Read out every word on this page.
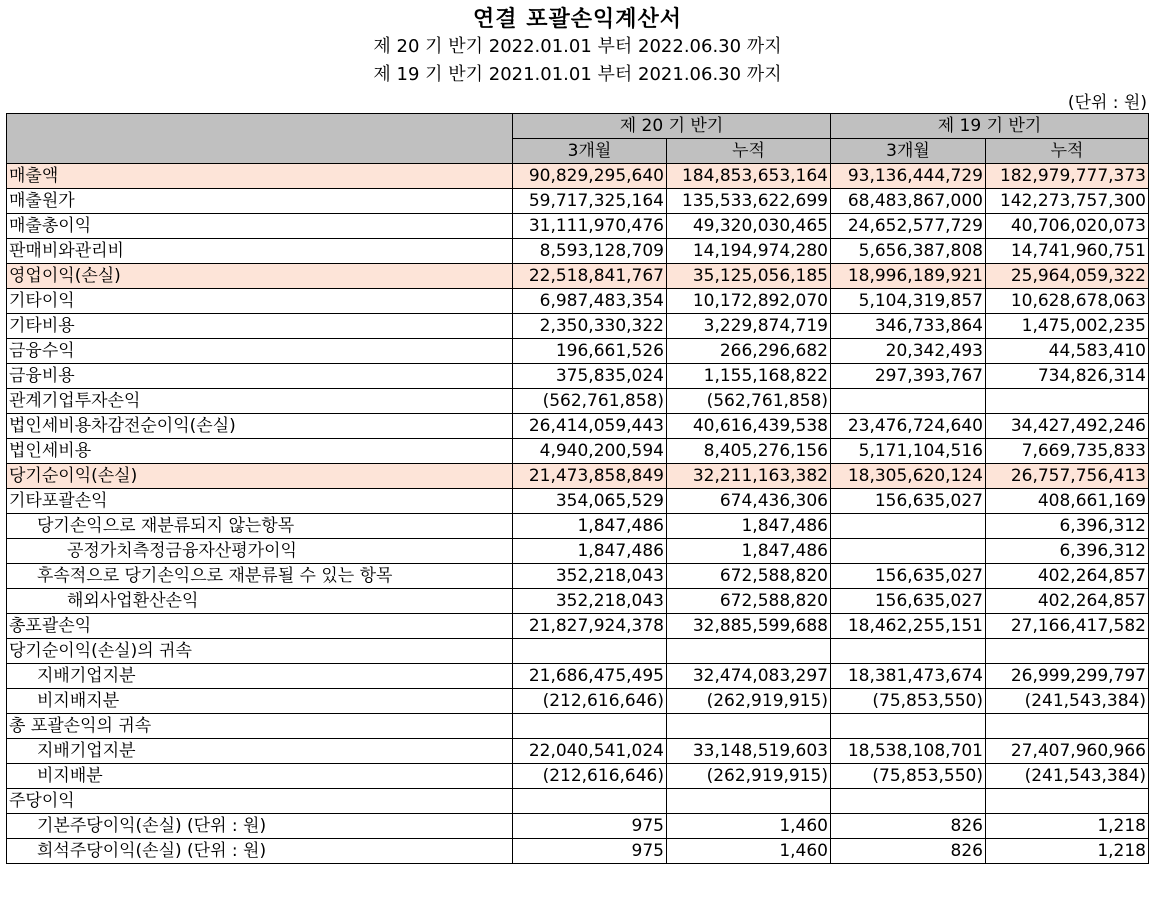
연결 포괄손익계산서
제 20 기 반기 2022.01.01 부터 2022.06.30 까지
제 19 기 반기 2021.01.01 부터 2021.06.30 까지
(단위 : 원)
	제 20 기 반기		제 19 기 반기	
	3개월	누적	3개월	누적
매출액	90,829,295,640	184,853,653,164	93,136,444,729	182,979,777,373
매출원가	59,717,325,164	135,533,622,699	68,483,867,000	142,273,757,300
매출총이익	31,111,970,476	49,320,030,465	24,652,577,729	40,706,020,073
판매비와관리비	8,593,128,709	14,194,974,280	5,656,387,808	14,741,960,751
영업이익(손실)	22,518,841,767	35,125,056,185	18,996,189,921	25,964,059,322
기타이익	6,987,483,354	10,172,892,070	5,104,319,857	10,628,678,063
기타비용	2,350,330,322	3,229,874,719	346,733,864	1,475,002,235
금융수익	196,661,526	266,296,682	20,342,493	44,583,410
금융비용	375,835,024	1,155,168,822	297,393,767	734,826,314
관계기업투자손익	(562,761,858)	(562,761,858)		
법인세비용차감전순이익(손실)	26,414,059,443	40,616,439,538	23,476,724,640	34,427,492,246
법인세비용	4,940,200,594	8,405,276,156	5,171,104,516	7,669,735,833
당기순이익(손실)	21,473,858,849	32,211,163,382	18,305,620,124	26,757,756,413
기타포괄손익	354,065,529	674,436,306	156,635,027	408,661,169
당기손익으로 재분류되지 않는항목	1,847,486	1,847,486		6,396,312
공정가치측정금융자산평가이익	1,847,486	1,847,486		6,396,312
후속적으로 당기손익으로 재분류될 수 있는 항목	352,218,043	672,588,820	156,635,027	402,264,857
해외사업환산손익	352,218,043	672,588,820	156,635,027	402,264,857
총포괄손익	21,827,924,378	32,885,599,688	18,462,255,151	27,166,417,582
당기순이익(손실)의 귀속				
지배기업지분	21,686,475,495	32,474,083,297	18,381,473,674	26,999,299,797
비지배지분	(212,616,646)	(262,919,915)	(75,853,550)	(241,543,384)
총 포괄손익의 귀속				
지배기업지분	22,040,541,024	33,148,519,603	18,538,108,701	27,407,960,966
비지배분	(212,616,646)	(262,919,915)	(75,853,550)	(241,543,384)
주당이익				
기본주당이익(손실) (단위 : 원)	975	1,460	826	1,218
희석주당이익(손실) (단위 : 원)	975	1,460	826	1,218
